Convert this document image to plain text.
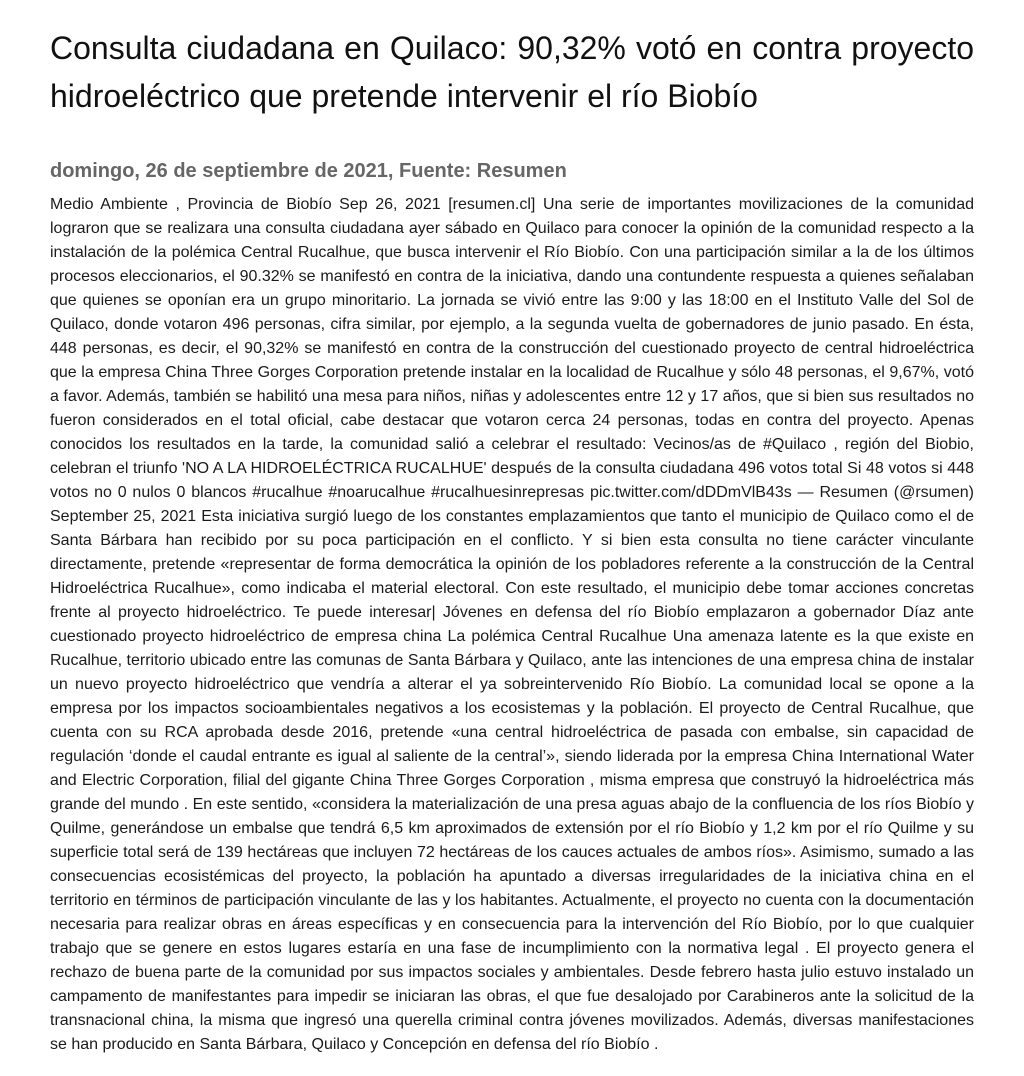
Consulta ciudadana en Quilaco: 90,32% votó en contra proyecto hidroeléctrico que pretende intervenir el río Biobío
domingo, 26 de septiembre de 2021, Fuente: Resumen

Medio Ambiente , Provincia de Biobío Sep 26, 2021 [resumen.cl] Una serie de importantes movilizaciones de la comunidad lograron que se realizara una consulta ciudadana ayer sábado en Quilaco para conocer la opinión de la comunidad respecto a la instalación de la polémica Central Rucalhue, que busca intervenir el Río Biobío. Con una participación similar a la de los últimos procesos eleccionarios, el 90.32% se manifestó en contra de la iniciativa, dando una contundente respuesta a quienes señalaban que quienes se oponían era un grupo minoritario. La jornada se vivió entre las 9:00 y las 18:00 en el Instituto Valle del Sol de Quilaco, donde votaron 496 personas, cifra similar, por ejemplo, a la segunda vuelta de gobernadores de junio pasado. En ésta, 448 personas, es decir, el 90,32% se manifestó en contra de la construcción del cuestionado proyecto de central hidroeléctrica que la empresa China Three Gorges Corporation pretende instalar en la localidad de Rucalhue y sólo 48 personas, el 9,67%, votó a favor. Además, también se habilitó una mesa para niños, niñas y adolescentes entre 12 y 17 años, que si bien sus resultados no fueron considerados en el total oficial, cabe destacar que votaron cerca 24 personas, todas en contra del proyecto. Apenas conocidos los resultados en la tarde, la comunidad salió a celebrar el resultado: Vecinos/as de #Quilaco , región del Biobio, celebran el triunfo 'NO A LA HIDROELÉCTRICA RUCALHUE' después de la consulta ciudadana 496 votos total Si 48 votos si 448 votos no 0 nulos 0 blancos #rucalhue #noarucalhue #rucalhuesinrepresas pic.twitter.com/dDDmVlB43s — Resumen (@rsumen) September 25, 2021 Esta iniciativa surgió luego de los constantes emplazamientos que tanto el municipio de Quilaco como el de Santa Bárbara han recibido por su poca participación en el conflicto. Y si bien esta consulta no tiene carácter vinculante directamente, pretende «representar de forma democrática la opinión de los pobladores referente a la construcción de la Central Hidroeléctrica Rucalhue», como indicaba el material electoral. Con este resultado, el municipio debe tomar acciones concretas frente al proyecto hidroeléctrico. Te puede interesar| Jóvenes en defensa del río Biobío emplazaron a gobernador Díaz ante cuestionado proyecto hidroeléctrico de empresa china La polémica Central Rucalhue Una amenaza latente es la que existe en Rucalhue, territorio ubicado entre las comunas de Santa Bárbara y Quilaco, ante las intenciones de una empresa china de instalar un nuevo proyecto hidroeléctrico que vendría a alterar el ya sobreintervenido Río Biobío. La comunidad local se opone a la empresa por los impactos socioambientales negativos a los ecosistemas y la población. El proyecto de Central Rucalhue, que cuenta con su RCA aprobada desde 2016, pretende «una central hidroeléctrica de pasada con embalse, sin capacidad de regulación ‘donde el caudal entrante es igual al saliente de la central’», siendo liderada por la empresa China International Water and Electric Corporation, filial del gigante China Three Gorges Corporation , misma empresa que construyó la hidroeléctrica más grande del mundo . En este sentido, «considera la materialización de una presa aguas abajo de la confluencia de los ríos Biobío y Quilme, generándose un embalse que tendrá 6,5 km aproximados de extensión por el río Biobío y 1,2 km por el río Quilme y su superficie total será de 139 hectáreas que incluyen 72 hectáreas de los cauces actuales de ambos ríos». Asimismo, sumado a las consecuencias ecosistémicas del proyecto, la población ha apuntado a diversas irregularidades de la iniciativa china en el territorio en términos de participación vinculante de las y los habitantes. Actualmente, el proyecto no cuenta con la documentación necesaria para realizar obras en áreas específicas y en consecuencia para la intervención del Río Biobío, por lo que cualquier trabajo que se genere en estos lugares estaría en una fase de incumplimiento con la normativa legal . El proyecto genera el rechazo de buena parte de la comunidad por sus impactos sociales y ambientales. Desde febrero hasta julio estuvo instalado un campamento de manifestantes para impedir se iniciaran las obras, el que fue desalojado por Carabineros ante la solicitud de la transnacional china, la misma que ingresó una querella criminal contra jóvenes movilizados. Además, diversas manifestaciones se han producido en Santa Bárbara, Quilaco y Concepción en defensa del río Biobío .
